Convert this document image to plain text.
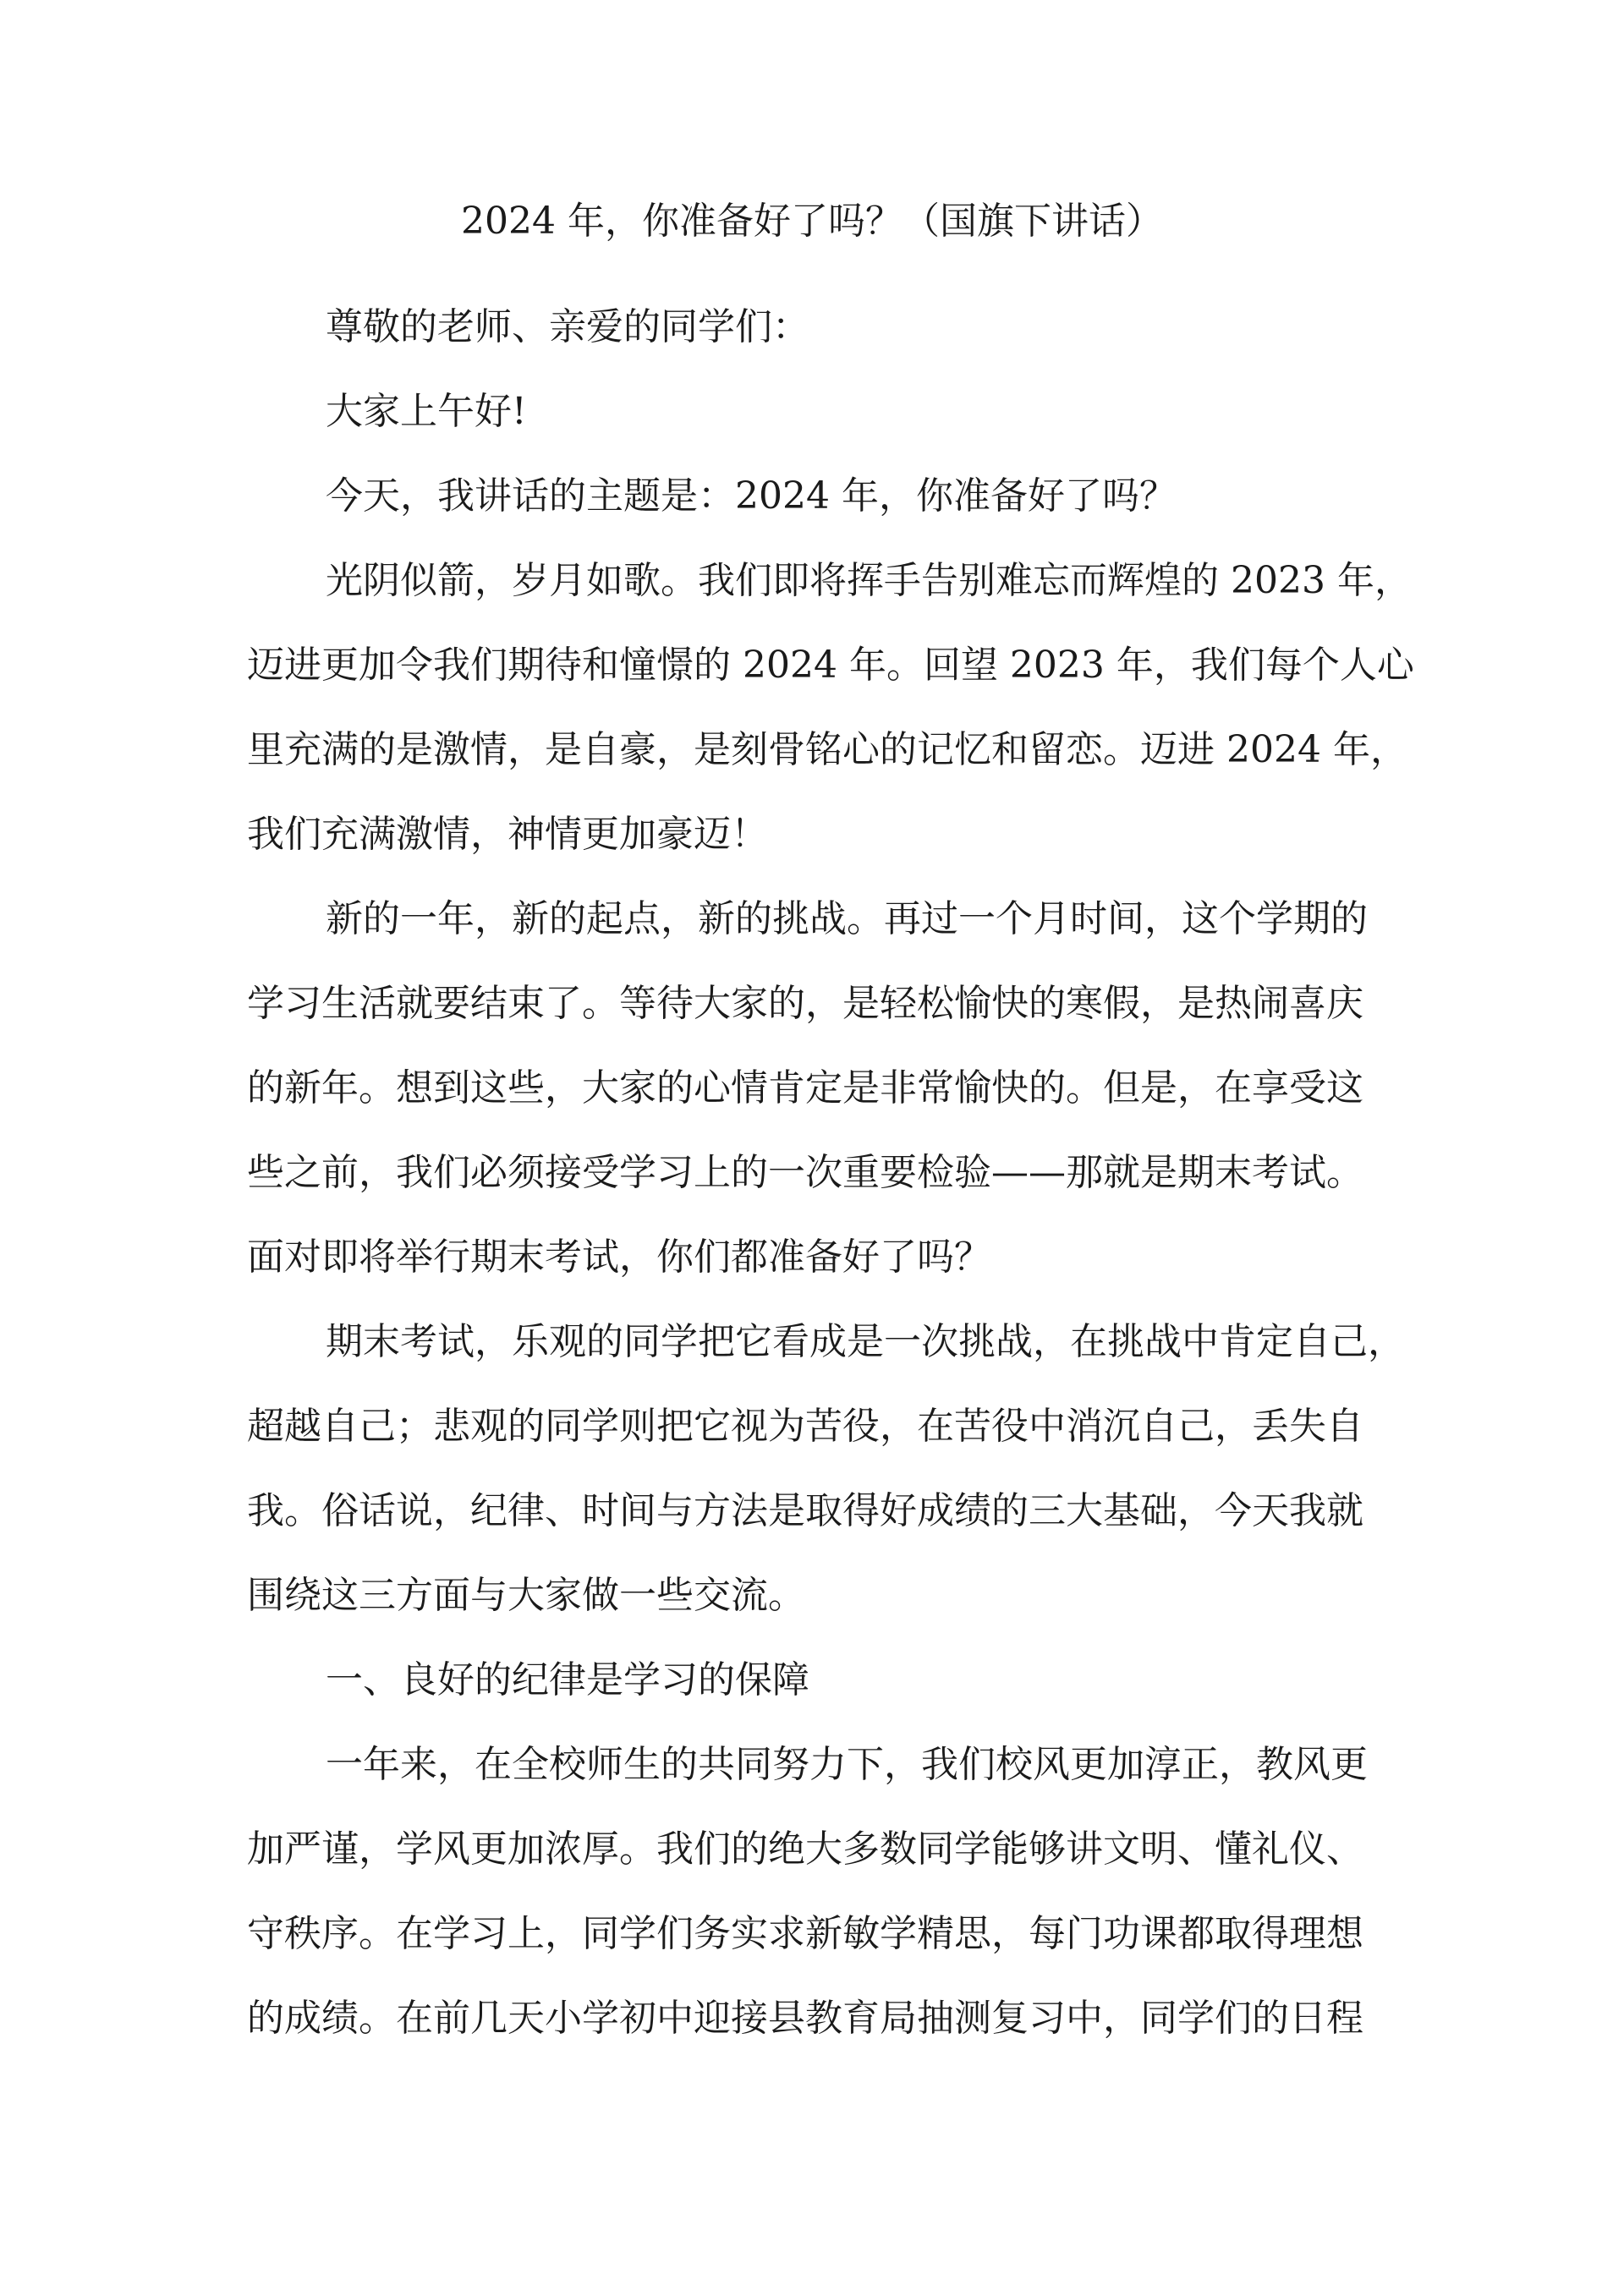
2024 年，你准备好了吗？（国旗下讲话）

尊敬的老师、亲爱的同学们：

大家上午好!

今天，我讲话的主题是：2024 年，你准备好了吗？

光阴似箭，岁月如歌。我们即将挥手告别难忘而辉煌的 2023 年，

迈进更加令我们期待和憧憬的 2024 年。回望 2023 年，我们每个人心

里充满的是激情，是自豪，是刻骨铭心的记忆和留恋。迈进 2024 年，

我们充满激情，神情更加豪迈！

新的一年，新的起点，新的挑战。再过一个月时间，这个学期的

学习生活就要结束了。等待大家的，是轻松愉快的寒假，是热闹喜庆

的新年。想到这些，大家的心情肯定是非常愉快的。但是，在享受这

些之前，我们必须接受学习上的一次重要检验——那就是期末考试。

面对即将举行期末考试，你们都准备好了吗？

期末考试，乐观的同学把它看成是一次挑战，在挑战中肯定自己，

超越自己；悲观的同学则把它视为苦役，在苦役中消沉自己，丢失自

我。俗话说，纪律、时间与方法是取得好成绩的三大基础，今天我就

围绕这三方面与大家做一些交流。

一、良好的纪律是学习的保障

一年来，在全校师生的共同努力下，我们校风更加淳正，教风更

加严谨，学风更加浓厚。我们的绝大多数同学能够讲文明、懂礼仪、

守秩序。在学习上，同学们务实求新敏学精思，每门功课都取得理想

的成绩。在前几天小学初中迎接县教育局抽测复习中，同学们的日程
